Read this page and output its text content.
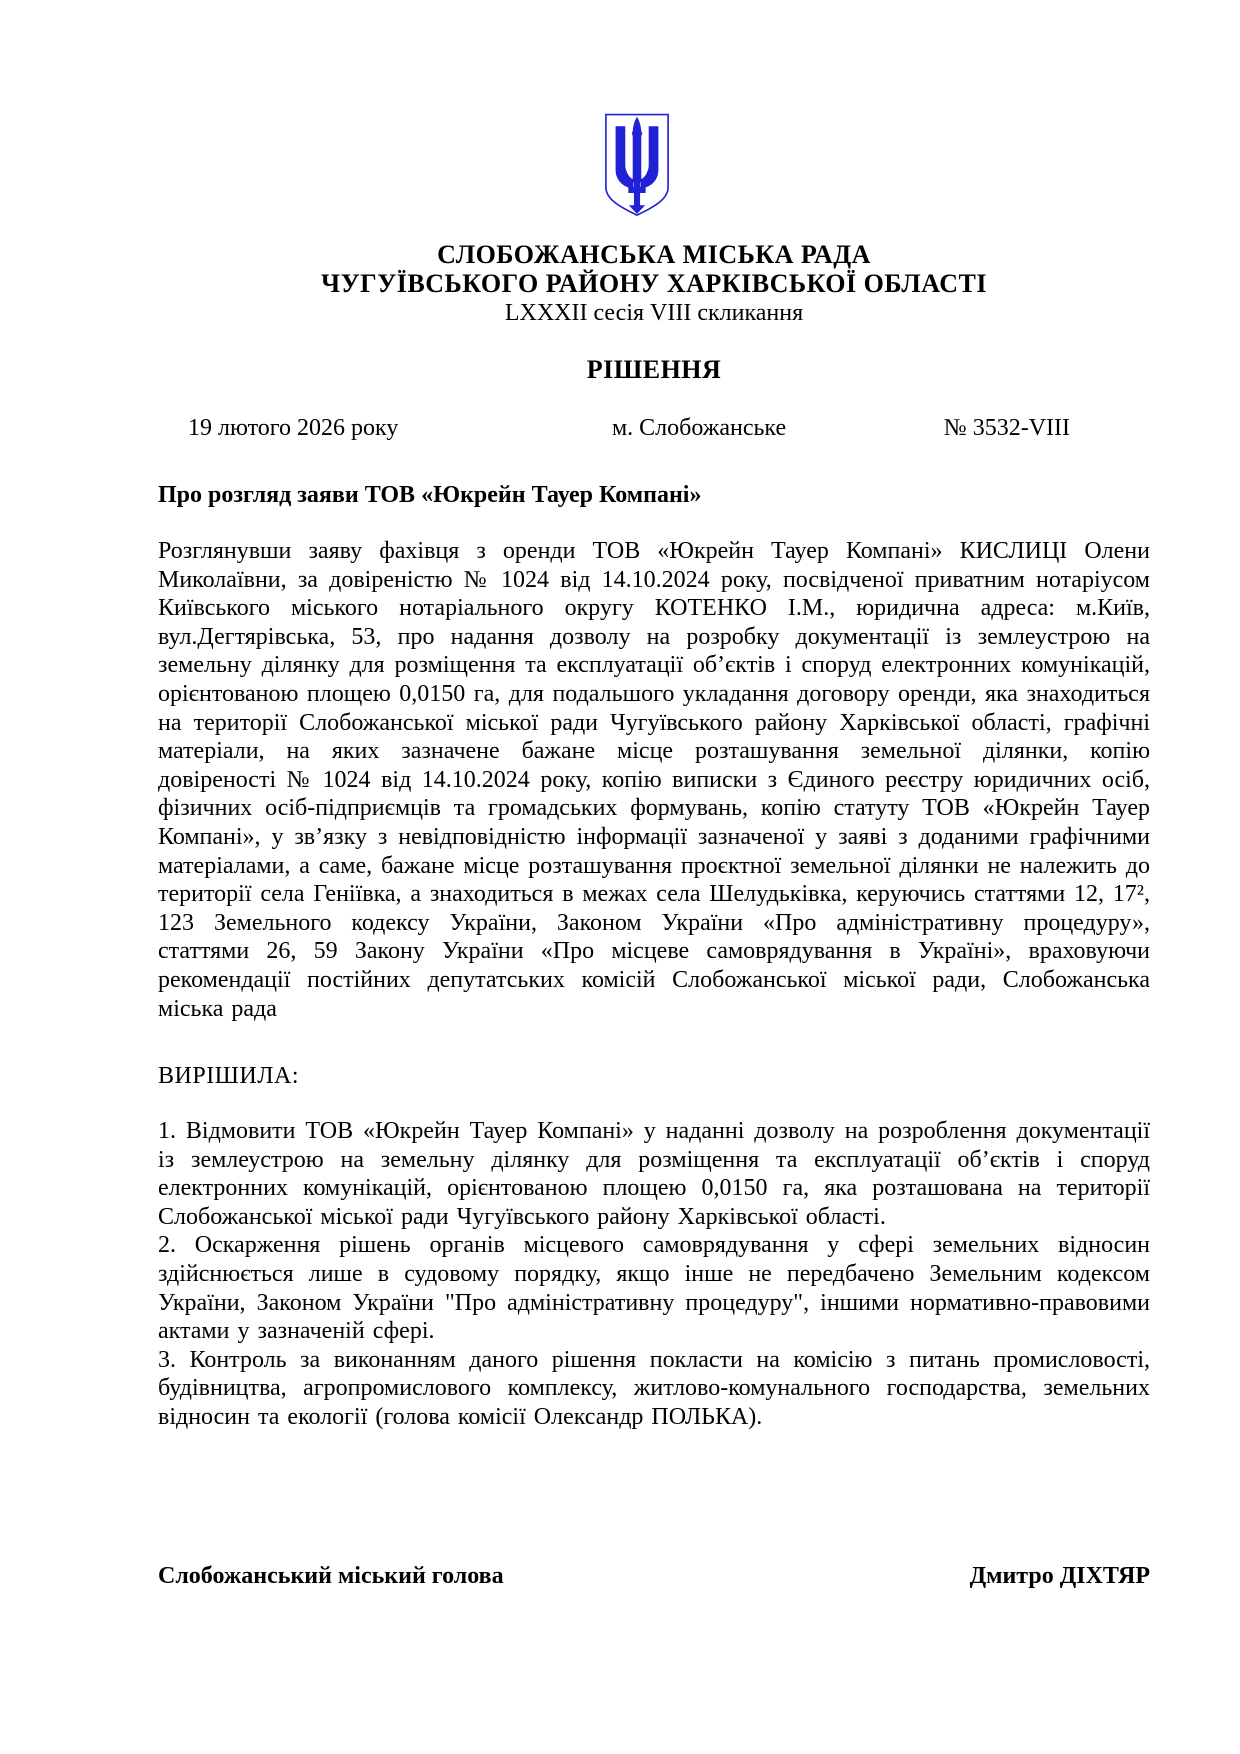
СЛОБОЖАНСЬКА МІСЬКА РАДА
ЧУГУЇВСЬКОГО РАЙОНУ ХАРКІВСЬКОЇ ОБЛАСТІ
LXXXII сесія VIII скликання
РІШЕННЯ
19 лютого 2026 року	м. Слобожанське	№ 3532-VIII
Про розгляд заяви ТОВ «Юкрейн Тауер Компані»

Розглянувши заяву фахівця з оренди ТОВ «Юкрейн Тауер Компані» КИСЛИЦІ Олени Миколаївни, за довіреністю № 1024 від 14.10.2024 року, посвідченої приватним нотаріусом Київського міського нотаріального округу КОТЕНКО І.М., юридична адреса: м.Київ, вул.Дегтярівська, 53, про надання дозволу на розробку документації із землеустрою на земельну ділянку для розміщення та експлуатації об’єктів і споруд електронних комунікацій, орієнтованою площею 0,0150 га, для подальшого укладання договору оренди, яка знаходиться на території Слобожанської міської ради Чугуївського району Харківської області, графічні матеріали, на яких зазначене бажане місце розташування земельної ділянки, копію довіреності № 1024 від 14.10.2024 року, копію виписки з Єдиного реєстру юридичних осіб, фізичних осіб-підприємців та громадських формувань, копію статуту ТОВ «Юкрейн Тауер Компані», у зв’язку з невідповідністю інформації зазначеної у заяві з доданими графічними матеріалами, а саме, бажане місце розташування проєктної земельної ділянки не належить до території села Геніївка, а знаходиться в межах села Шелудьківка, керуючись статтями 12, 17², 123 Земельного кодексу України, Законом України «Про адміністративну процедуру», статтями 26, 59 Закону України «Про місцеве самоврядування в Україні», враховуючи рекомендації постійних депутатських комісій Слобожанської міської ради, Слобожанська міська рада

ВИРІШИЛА:

1. Відмовити ТОВ «Юкрейн Тауер Компані» у наданні дозволу на розроблення документації із землеустрою на земельну ділянку для розміщення та експлуатації об’єктів і споруд електронних комунікацій, орієнтованою площею 0,0150 га, яка розташована на території Слобожанської міської ради Чугуївського району Харківської області.

2. Оскарження рішень органів місцевого самоврядування у сфері земельних відносин здійснюється лише в судовому порядку, якщо інше не передбачено Земельним кодексом України, Законом України "Про адміністративну процедуру", іншими нормативно-правовими актами у зазначеній сфері.

3. Контроль за виконанням даного рішення покласти на комісію з питань промисловості, будівництва, агропромислового комплексу, житлово-комунального господарства, земельних відносин та екології (голова комісії Олександр ПОЛЬКА).

Слобожанський міський голова	Дмитро ДІХТЯР
